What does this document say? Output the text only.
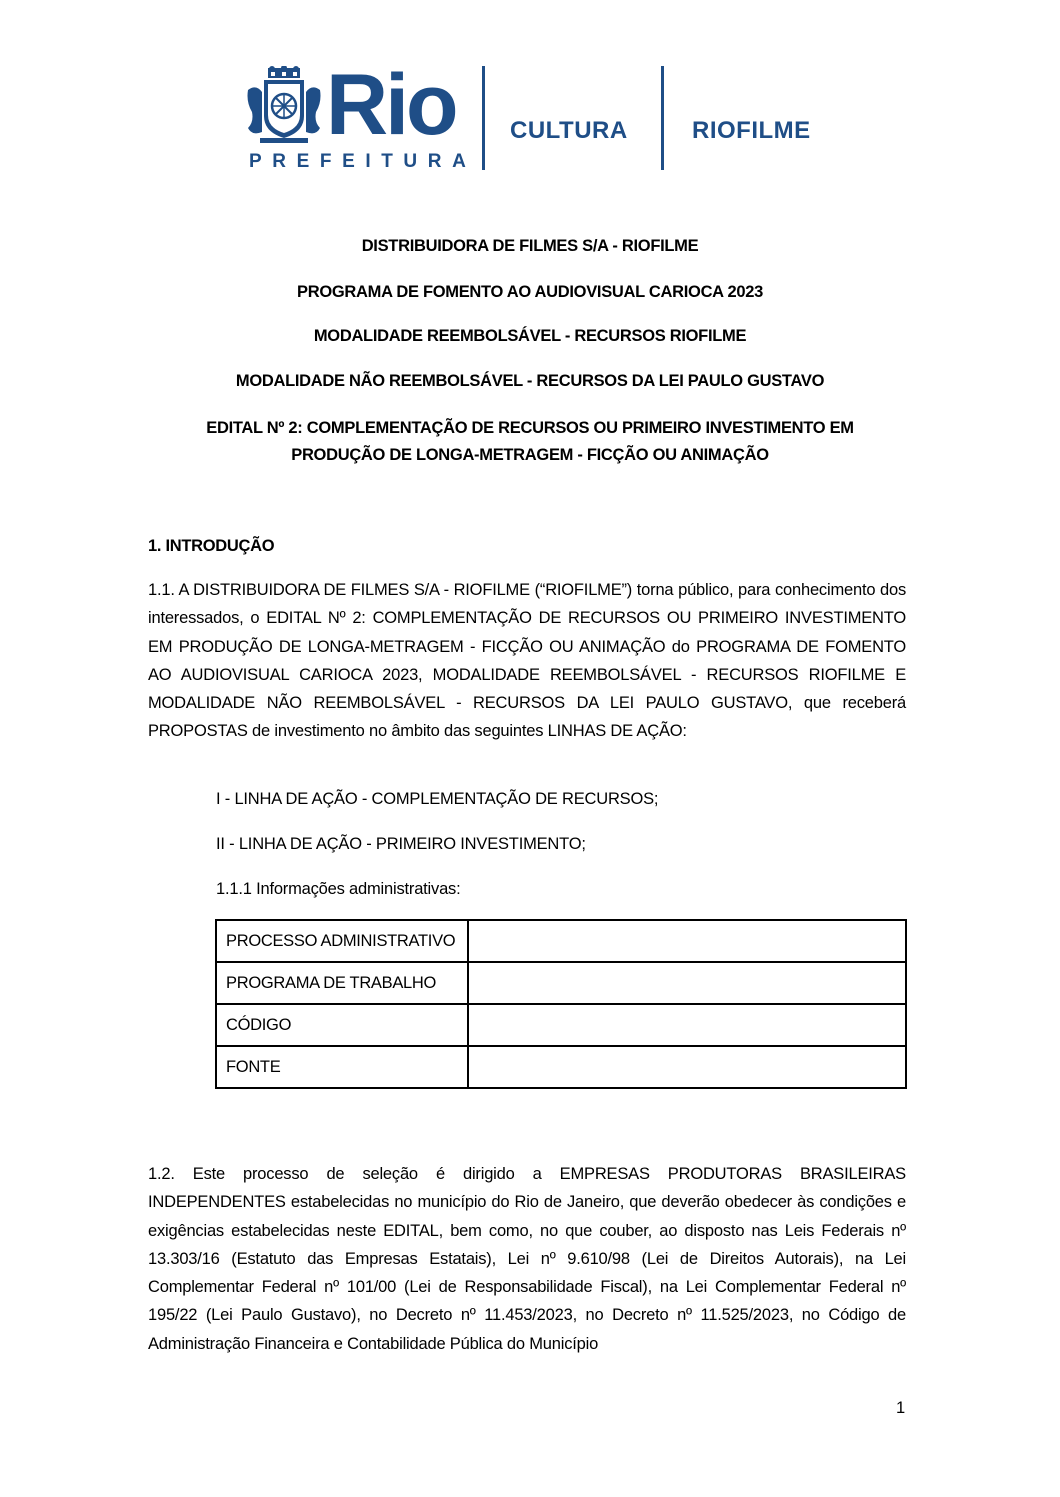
Rio
PREFEITURA
CULTURA	RIOFILME
DISTRIBUIDORA DE FILMES S/A - RIOFILME
PROGRAMA DE FOMENTO AO AUDIOVISUAL CARIOCA 2023
MODALIDADE REEMBOLSÁVEL - RECURSOS RIOFILME
MODALIDADE NÃO REEMBOLSÁVEL - RECURSOS DA LEI PAULO GUSTAVO
EDITAL Nº 2: COMPLEMENTAÇÃO DE RECURSOS OU PRIMEIRO INVESTIMENTO EM
PRODUÇÃO DE LONGA-METRAGEM - FICÇÃO OU ANIMAÇÃO
1. INTRODUÇÃO
1.1. A DISTRIBUIDORA DE FILMES S/A - RIOFILME (“RIOFILME”) torna público, para conhecimento dos interessados, o EDITAL Nº 2: COMPLEMENTAÇÃO DE RECURSOS OU PRIMEIRO INVESTIMENTO EM PRODUÇÃO DE LONGA-METRAGEM - FICÇÃO OU ANIMAÇÃO do PROGRAMA DE FOMENTO AO AUDIOVISUAL CARIOCA 2023, MODALIDADE REEMBOLSÁVEL - RECURSOS RIOFILME E MODALIDADE NÃO REEMBOLSÁVEL - RECURSOS DA LEI PAULO GUSTAVO, que receberá PROPOSTAS de investimento no âmbito das seguintes LINHAS DE AÇÃO:
I - LINHA DE AÇÃO - COMPLEMENTAÇÃO DE RECURSOS;
II - LINHA DE AÇÃO - PRIMEIRO INVESTIMENTO;
1.1.1 Informações administrativas:
PROCESSO ADMINISTRATIVO	
PROGRAMA DE TRABALHO	
CÓDIGO	
FONTE	
1.2. Este processo de seleção é dirigido a EMPRESAS PRODUTORAS BRASILEIRAS INDEPENDENTES estabelecidas no município do Rio de Janeiro, que deverão obedecer às condições e exigências estabelecidas neste EDITAL, bem como, no que couber, ao disposto nas Leis Federais nº 13.303/16 (Estatuto das Empresas Estatais), Lei nº 9.610/98 (Lei de Direitos Autorais), na Lei Complementar Federal nº 101/00 (Lei de Responsabilidade Fiscal), na Lei Complementar Federal nº 195/22 (Lei Paulo Gustavo), no Decreto nº 11.453/2023, no Decreto nº 11.525/2023, no Código de Administração Financeira e Contabilidade Pública do Município
1
